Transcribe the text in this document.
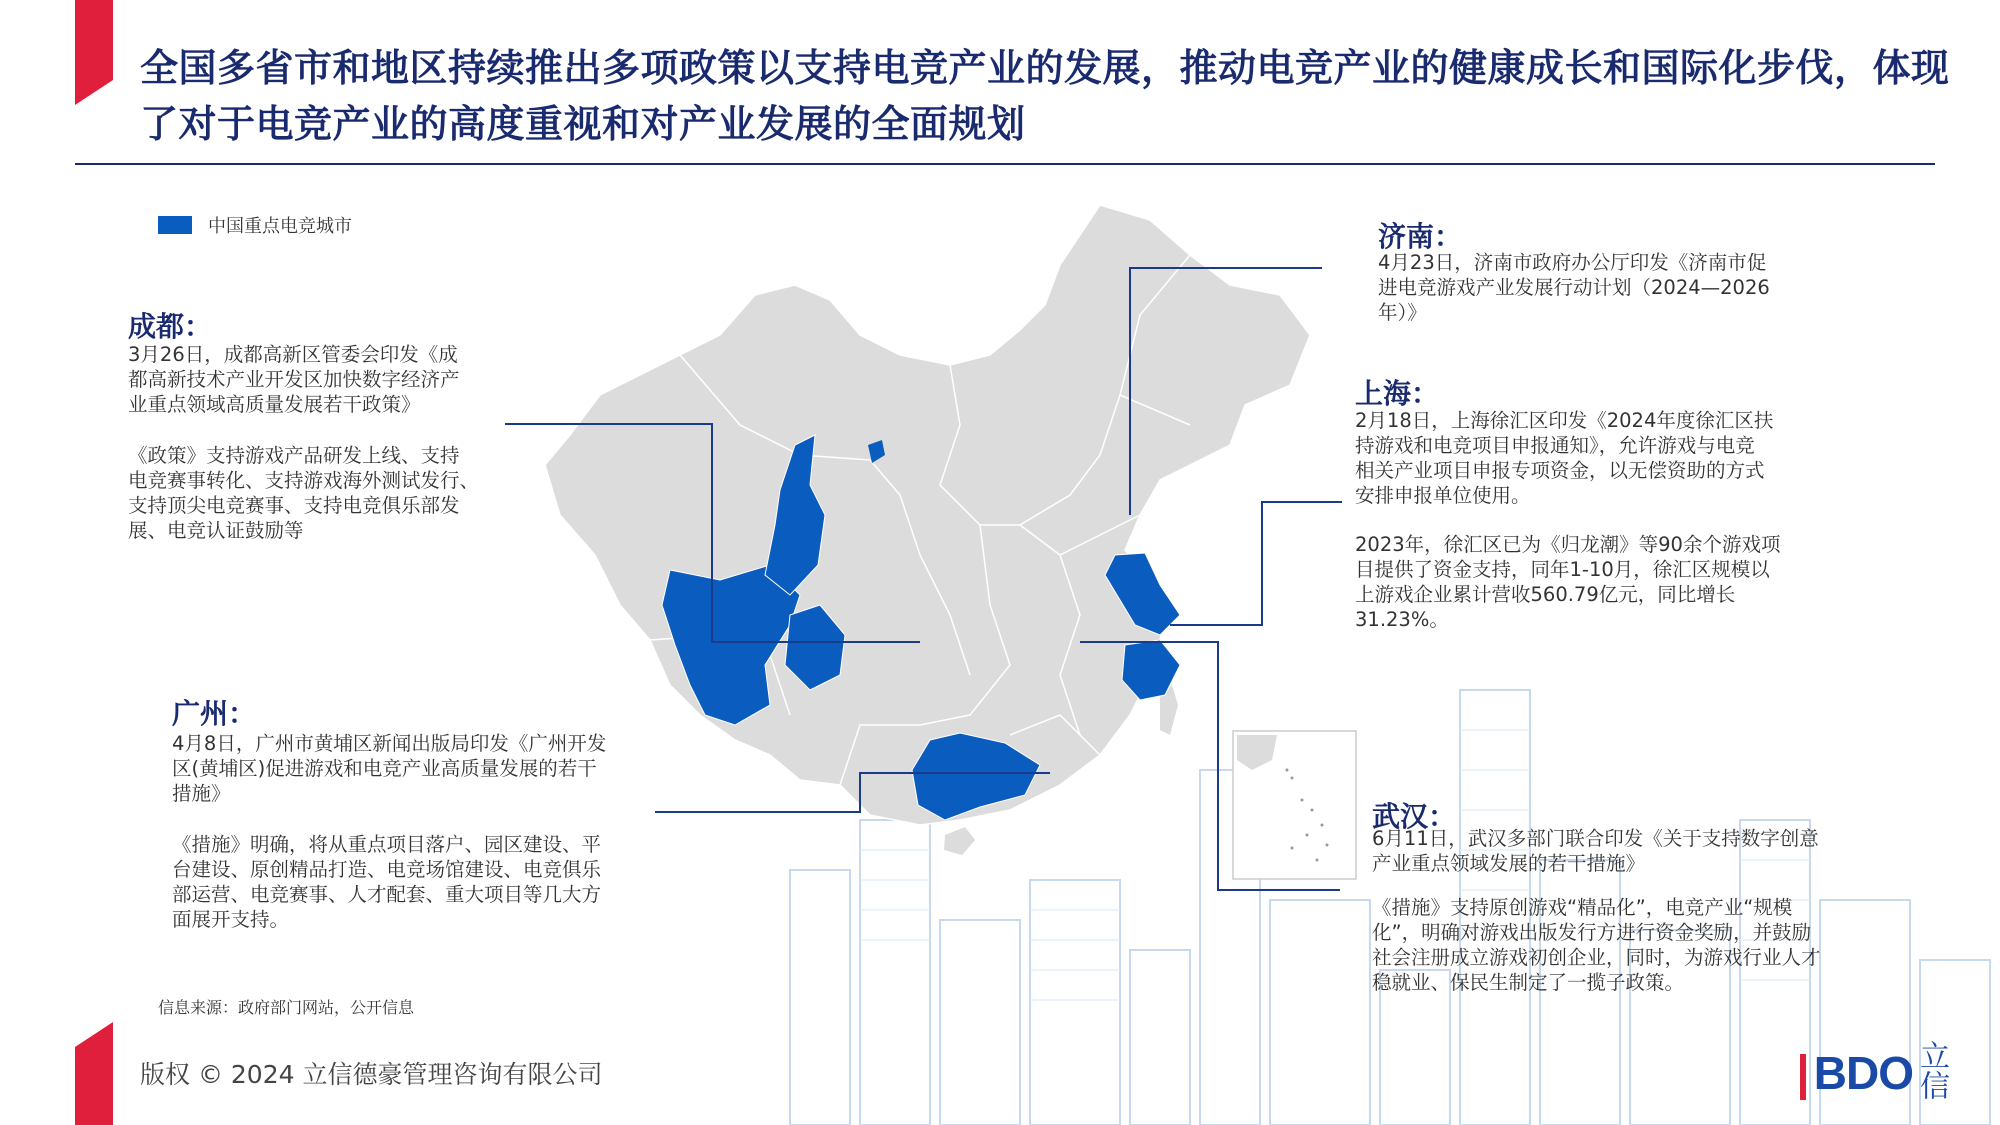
全国多省市和地区持续推出多项政策以支持电竞产业的发展，推动电竞产业的健康成长和国际化步伐，体现了对于电竞产业的高度重视和对产业发展的全面规划
中国重点电竞城市
成都：
3月26日，成都高新区管委会印发《成
都高新技术产业开发区加快数字经济产
业重点领域高质量发展若干政策》
《政策》支持游戏产品研发上线、支持
电竞赛事转化、支持游戏海外测试发行、
支持顶尖电竞赛事、支持电竞俱乐部发
展、电竞认证鼓励等
广州：
4月8日，广州市黄埔区新闻出版局印发《广州开发
区(黄埔区)促进游戏和电竞产业高质量发展的若干
措施》
《措施》明确，将从重点项目落户、园区建设、平
台建设、原创精品打造、电竞场馆建设、电竞俱乐
部运营、电竞赛事、人才配套、重大项目等几大方
面展开支持。
济南：
4月23日，济南市政府办公厅印发《济南市促
进电竞游戏产业发展行动计划（2024—2026
年）》
上海：
2月18日，上海徐汇区印发《2024年度徐汇区扶
持游戏和电竞项目申报通知》，允许游戏与电竞
相关产业项目申报专项资金，以无偿资助的方式
安排申报单位使用。
2023年，徐汇区已为《归龙潮》等90余个游戏项
目提供了资金支持，同年1-10月，徐汇区规模以
上游戏企业累计营收560.79亿元，同比增长
31.23%。
武汉：
6月11日，武汉多部门联合印发《关于支持数字创意
产业重点领域发展的若干措施》
《措施》支持原创游戏“精品化”，电竞产业“规模
化”，明确对游戏出版发行方进行资金奖励，并鼓励
社会注册成立游戏初创企业，同时，为游戏行业人才
稳就业、保民生制定了一揽子政策。
信息来源：政府部门网站，公开信息
版权 © 2024 立信德豪管理咨询有限公司	BDO 立信
